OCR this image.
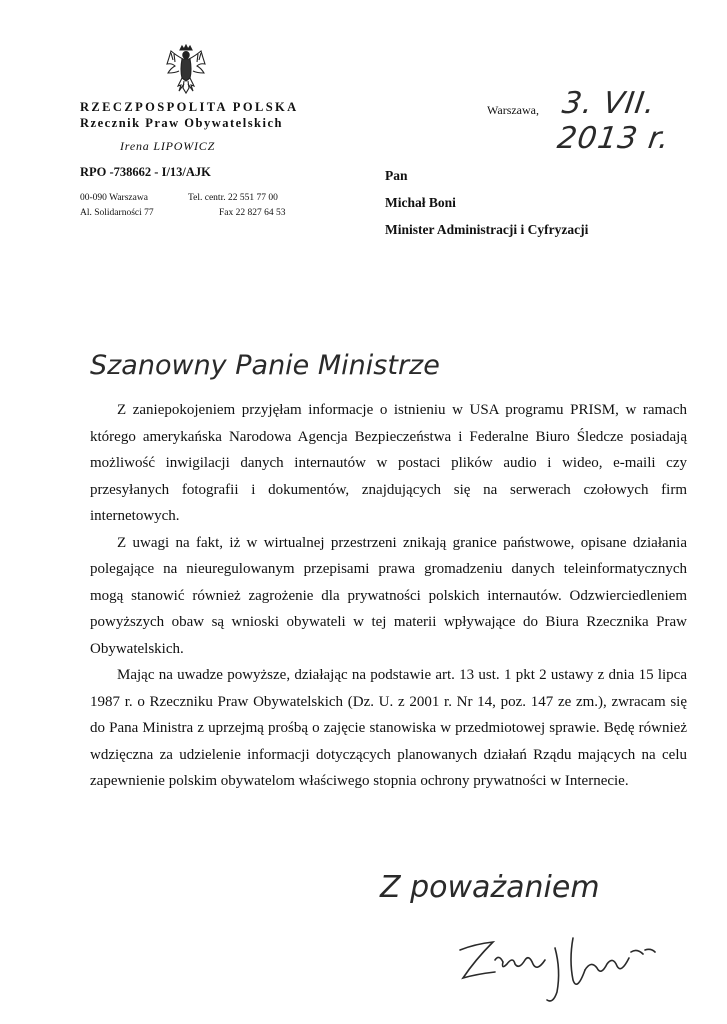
RZECZPOSPOLITA POLSKA
Rzecznik Praw Obywatelskich
Irena LIPOWICZ
RPO -738662 - I/13/AJK
00-090 Warszawa
Al. Solidarności 77
Tel. centr. 22 551 77 00
Fax 22 827 64 53
Warszawa, 3. VII. 2013 r.
Pan
Michał Boni
Minister Administracji i Cyfryzacji
Szanowny Panie Ministrze

Z zaniepokojeniem przyjęłam informacje o istnieniu w USA programu PRISM, w ramach którego amerykańska Narodowa Agencja Bezpieczeństwa i Federalne Biuro Śledcze posiadają możliwość inwigilacji danych internautów w postaci plików audio i wideo, e-maili czy przesyłanych fotografii i dokumentów, znajdujących się na serwerach czołowych firm internetowych.

Z uwagi na fakt, iż w wirtualnej przestrzeni znikają granice państwowe, opisane działania polegające na nieuregulowanym przepisami prawa gromadzeniu danych teleinformatycznych mogą stanowić również zagrożenie dla prywatności polskich internautów. Odzwierciedleniem powyższych obaw są wnioski obywateli w tej materii wpływające do Biura Rzecznika Praw Obywatelskich.

Mając na uwadze powyższe, działając na podstawie art. 13 ust. 1 pkt 2 ustawy z dnia 15 lipca 1987 r. o Rzeczniku Praw Obywatelskich (Dz. U. z 2001 r. Nr 14, poz. 147 ze zm.), zwracam się do Pana Ministra z uprzejmą prośbą o zajęcie stanowiska w przedmiotowej sprawie. Będę również wdzięczna za udzielenie informacji dotyczących planowanych działań Rządu mających na celu zapewnienie polskim obywatelom właściwego stopnia ochrony prywatności w Internecie.

Z poważaniem
